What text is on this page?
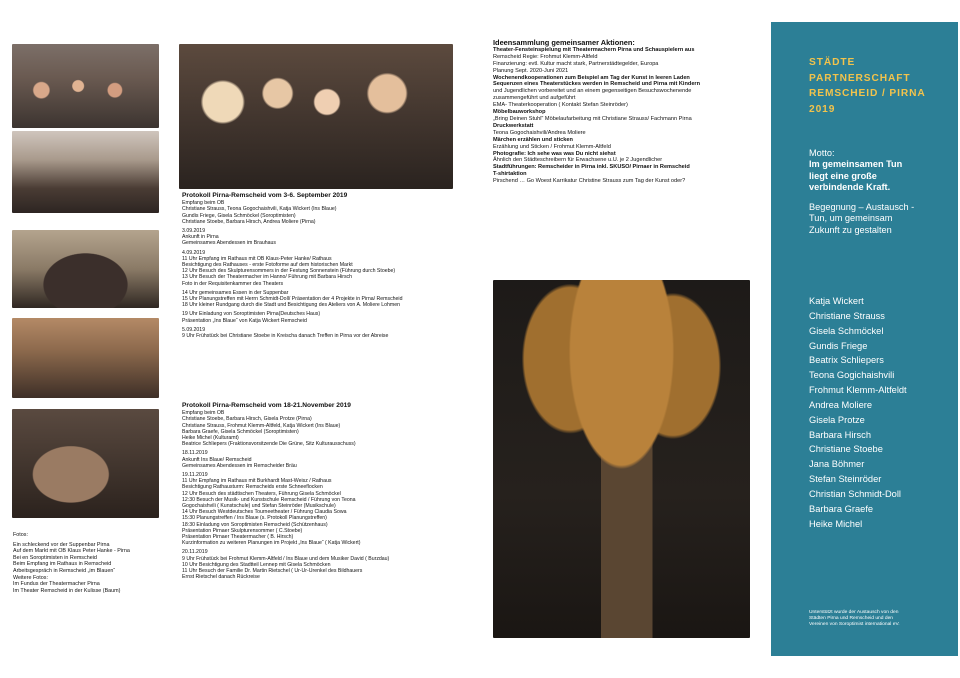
Fotos:

Ein schleckend vor der Suppenbar Pirna
Auf dem Markt mit OB Klaus Peter Hanke - Pirna
Bei en Soroptimisten in Remscheid
Beim Empfang im Rathaus in Remscheid
Arbeitsgespräch in Remscheid „im Blauen“
Weitere Fotos:
Im Fundus der Theatermacher Pirna
Im Theater Remscheid in der Kulisse (Baum)
Protokoll Pirna-Remscheid vom 3-6. September 2019
Empfang beim OB
Christiane Strauss, Teona Gogochaishvili, Katja Wickert (Ins Blaue)
Gundis Friege, Gisela Schmöckel (Soroptimisten)
Christiane Stoebe, Barbara Hirsch, Andrea Moliere (Pirna)

3.09.2019
Ankunft in Pirna
Gemeinsames Abendessen im Brauhaus

4.09.2019
11 Uhr Empfang im Rathaus mit OB Klaus-Peter Hanke/ Rathaus
Besichtigung des Rathauses - erste Fotoforme auf dem historischen Markt
12 Uhr Besuch des Skulpturensommers in der Festung Sonnenstein (Führung durch Stoebe)
13 Uhr Besuch der Theatermacher im Hanno/ Führung mit Barbara Hirsch
Foto in der Requisitenkammer des Theaters

14 Uhr gemeinsames Essen in der Suppenbar
15 Uhr Planungstreffen mit Herrn Schmidt-Doll/ Präsentation der 4 Projekte in Pirna/ Remscheid
18 Uhr kleiner Rundgang durch die Stadt und Besichtigung des Ateliers von A. Moliere Lohmen

19 Uhr Einladung von Soroptimisten Pirna(Deutsches Haus)
Präsentation „Ins Blaue“ von Katja Wickert Remscheid

5.09.2019
9 Uhr Frühstück bei Christiane Stoebe in Kreischa danach Treffen in Pirna vor der Abreise
Protokoll Pirna-Remscheid vom 18-21.November 2019
Empfang beim OB
Christiane Stoebe, Barbara Hirsch, Gisela Protze (Pirna)
Christiane Strauss, Frohmut Klemm-Altfeld, Katja Wickert (Ins Blaue)
Barbara Graefe, Gisela Schmöckel (Soroptimisten)
Heike Michel (Kulturamt)
Beatrice Schliepers (Fraktionsvorsitzende Die Grüne, Sitz Kulturausschuss)

18.11.2019
Ankunft Ins Blaue/ Remscheid
Gemeinsames Abendessen im Remscheider Bräu

19.11.2019
11 Uhr Empfang im Rathaus mit Burkhardt Mast-Weisz / Rathaus
Besichtigung Rathausturm: Remscheids erste Schneeflocken
12 Uhr Besuch des städtischen Theaters, Führung Gisela Schmöckel
12:30 Besuch der Musik- und Kunstschule Remscheid / Führung von Teona
Gogochaishvili ( Kunstschule) und Stefan Steinröder (Musikschule)
14 Uhr Besuch Westdeutsches Tourneetheater / Führung Claudia Sowa
15:30 Planungstreffen / Ins Blaue (s. Protokoll Planungstreffen)
18:30 Einladung von Soroptimisten Remscheid (Schützenhaus)
Präsentation Pirnaer Skulpturensommer ( C.Stoebe)
Präsentation Pirnaer Theatermacher ( B. Hirsch)
Kurzinformation zu weiteren Planungen im Projekt „Ins Blaue“ ( Katja Wickert)

20.11.2019
9 Uhr Frühstück bei Frohmut Klemm-Altfeld / Ins Blaue und dem Musiker David ( Burzdau)
10 Uhr Besichtigung des Stadtteil Lennep mit Gisela Schmöcken
11 Uhr Besuch der Familie Dr. Martin Rietschel ( Ur-Ur-Urenkel des Bildhauers
Ernst Rietschel danach Rückreise
Ideensammlung gemeinsamer Aktionen:
Theater-Fensteinspielung mit Theatermachern Pirna und Schauspielern aus
Remscheid Regie: Frohmut Klemm-Altfeld
Finanzierung: evtl. Kultur macht stark, Partnerstädtegelder, Europa
Planung Sept. 2020-Juni 2021
Wochenendkooperationen zum Beispiel am Tag der Kunst in leeren Laden
Sequenzen eines Theaterstückes werden in Remscheid und Pirna mit Kindern
und Jugendlichen vorbereitet und an einem gegenseitigen Besuchswochenende
zusammengeführt und aufgeführt
EMA- Theaterkooperation ( Kontakt Stefan Steinröder)
Möbelbauworkshop
„Bring Deinen Stuhl“ Möbelaufarbeitung mit Christiane Strauss/ Fachmann Pirna
Druckwerkstatt
Teona Gogochaishvili/Andrea Moliere
Märchen erzählen und sticken
Erzählung und Sticken / Frohmut Klemm-Altfeld
Photografie: Ich sehe was was Du nicht siehst
Ähnlich den Städteschreibern für Erwachsene u.U. je 2 Jugendlicher
Stadtführungen: Remscheider in Pirna inkl. SKUSO/ Pirnaer in Remscheid
T-shirtaktion
Pirschend … Go Woest Karrikatur Christine Strauss zum Tag der Kunst oder?
STÄDTE
PARTNERSCHAFT
REMSCHEID / PIRNA
2019
Motto:
Im gemeinsamen Tun
liegt eine große
verbindende Kraft.
Begegnung – Austausch -
Tun, um gemeinsam
Zukunft zu gestalten
Katja Wickert
Christiane Strauss
Gisela Schmöckel
Gundis Friege
Beatrix Schliepers
Teona Gogichaishvili
Frohmut Klemm-Altfeldt
Andrea Moliere
Gisela Protze
Barbara Hirsch
Christiane Stoebe
Jana Böhmer
Stefan Steinröder
Christian Schmidt-Doll
Barbara Graefe
Heike Michel
Unterstützt wurde der Austausch von den
Städten Pirna und Remscheid und den
Vereinen von Soroptimist international eV.
